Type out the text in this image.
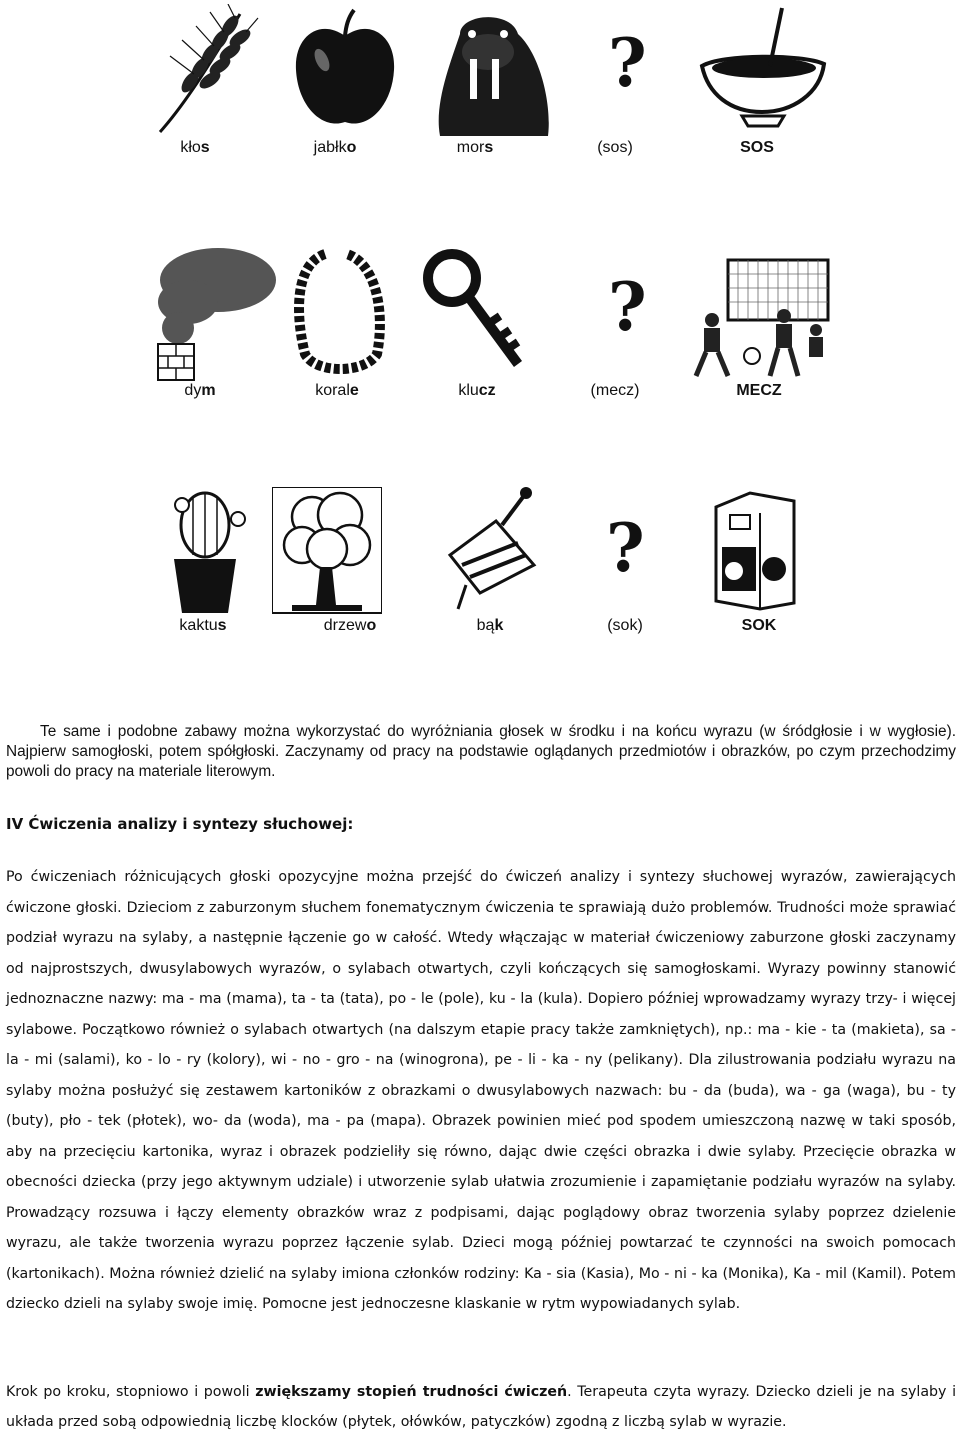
?
kłos	jabłko	mors	(sos)	SOS
?
dym	korale	klucz	(mecz)	MECZ
?
kaktus	drzewo	bąk	(sok)	SOK
Te same i podobne zabawy można wykorzystać do wyróżniania głosek w środku i na końcu wyrazu (w śródgłosie i w wygłosie). Najpierw samogłoski, potem spółgłoski. Zaczynamy od pracy na podstawie oglądanych przedmiotów i obrazków, po czym przechodzimy powoli do pracy na materiale literowym.
IV Ćwiczenia analizy i syntezy słuchowej:
Po ćwiczeniach różnicujących głoski opozycyjne można przejść do ćwiczeń analizy i syntezy słuchowej wyrazów, zawierających ćwiczone głoski. Dzieciom z zaburzonym słuchem fonematycznym ćwiczenia te sprawiają dużo problemów. Trudności może sprawiać podział wyrazu na sylaby, a następnie łączenie go w całość. Wtedy włączając w materiał ćwiczeniowy zaburzone głoski zaczynamy od najprostszych, dwusylabowych wyrazów, o sylabach otwartych, czyli kończących się samogłoskami. Wyrazy powinny stanowić jednoznaczne nazwy: ma - ma (mama), ta - ta (tata), po - le (pole), ku - la (kula). Dopiero później wprowadzamy wyrazy trzy- i więcej sylabowe. Początkowo również o sylabach otwartych (na dalszym etapie pracy także zamkniętych), np.: ma - kie - ta (makieta), sa - la - mi (salami), ko - lo - ry (kolory), wi - no - gro - na (winogrona), pe - li - ka - ny (pelikany). Dla zilustrowania podziału wyrazu na sylaby można posłużyć się zestawem kartoników z obrazkami o dwusylabowych nazwach: bu - da (buda), wa - ga (waga), bu - ty (buty), pło - tek (płotek), wo- da (woda), ma - pa (mapa). Obrazek powinien mieć pod spodem umieszczoną nazwę w taki sposób, aby na przecięciu kartonika, wyraz i obrazek podzieliły się równo, dając dwie części obrazka i dwie sylaby. Przecięcie obrazka w obecności dziecka (przy jego aktywnym udziale) i utworzenie sylab ułatwia zrozumienie i zapamiętanie podziału wyrazów na sylaby. Prowadzący rozsuwa i łączy elementy obrazków wraz z podpisami, dając poglądowy obraz tworzenia sylaby poprzez dzielenie wyrazu, ale także tworzenia wyrazu poprzez łączenie sylab. Dzieci mogą później powtarzać te czynności na swoich pomocach (kartonikach). Można również dzielić na sylaby imiona członków rodziny: Ka - sia (Kasia), Mo - ni - ka (Monika), Ka - mil (Kamil). Potem dziecko dzieli na sylaby swoje imię. Pomocne jest jednoczesne klaskanie w rytm wypowiadanych sylab.
Krok po kroku, stopniowo i powoli zwiększamy stopień trudności ćwiczeń. Terapeuta czyta wyrazy. Dziecko dzieli je na sylaby i układa przed sobą odpowiednią liczbę klocków (płytek, ołówków, patyczków) zgodną z liczbą sylab w wyrazie.
